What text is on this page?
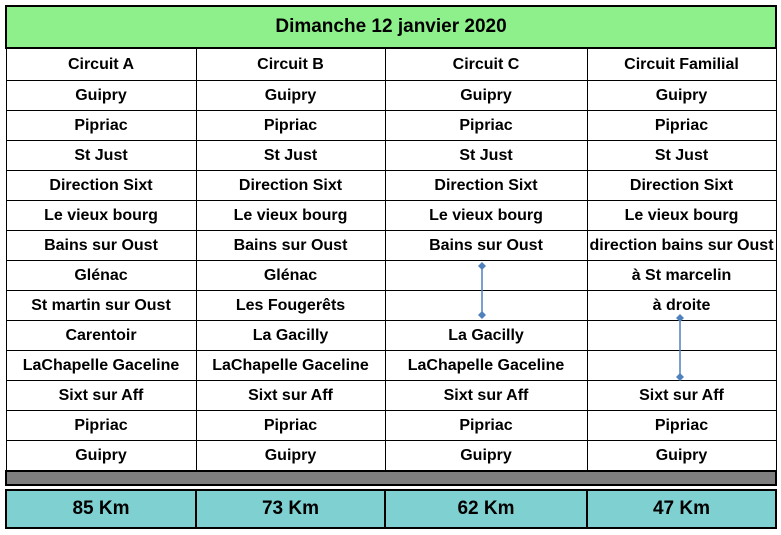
Dimanche 12 janvier 2020			
Circuit A	Circuit B	Circuit C	Circuit Familial
Guipry	Guipry	Guipry	Guipry
Pipriac	Pipriac	Pipriac	Pipriac
St Just	St Just	St Just	St Just
Direction Sixt	Direction Sixt	Direction Sixt	Direction Sixt
Le vieux bourg	Le vieux bourg	Le vieux bourg	Le vieux bourg
Bains sur Oust	Bains sur Oust	Bains sur Oust	direction bains sur Oust
Glénac	Glénac		à St marcelin
St martin sur Oust	Les Fougerêts		à droite
Carentoir	La Gacilly	La Gacilly	
LaChapelle Gaceline	LaChapelle Gaceline	LaChapelle Gaceline	
Sixt sur Aff	Sixt sur Aff	Sixt sur Aff	Sixt sur Aff
Pipriac	Pipriac	Pipriac	Pipriac
Guipry	Guipry	Guipry	Guipry

85 Km	73 Km	62 Km	47 Km
